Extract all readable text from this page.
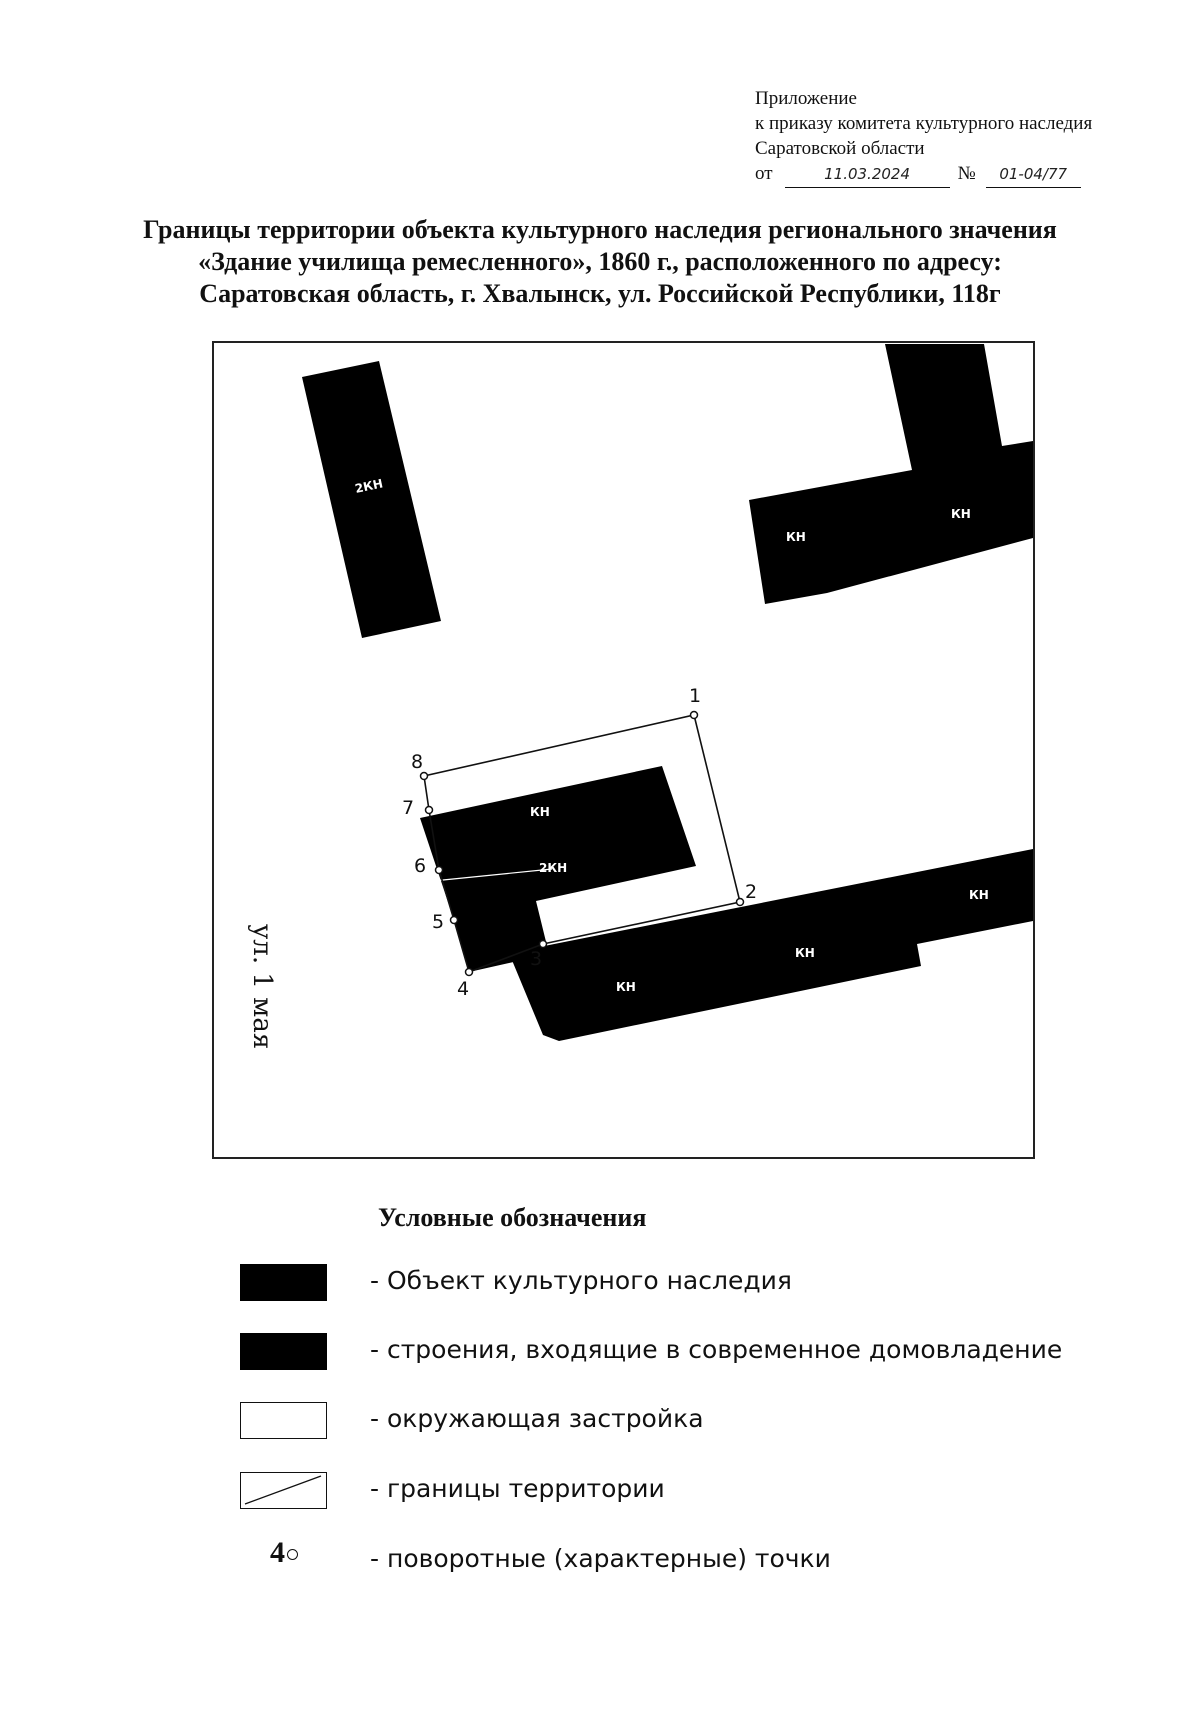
Приложение
к приказу комитета культурного наследия
Саратовской области
от	11.03.2024	№ 01-04/77
Границы территории объекта культурного наследия регионального значения
«Здание училища ремесленного», 1860 г., расположенного по адресу:
Саратовская область, г. Хвалынск, ул. Российской Республики, 118г
2КН
КН
КН
КН
КН
КН
КН
2КН
1
2
3
4
5
6
7
8
ул. 1 мая
Условные обозначения
- Объект культурного наследия
- строения, входящие в современное домовладение
- окружающая застройка
- границы территории
4	- поворотные (характерные) точки
